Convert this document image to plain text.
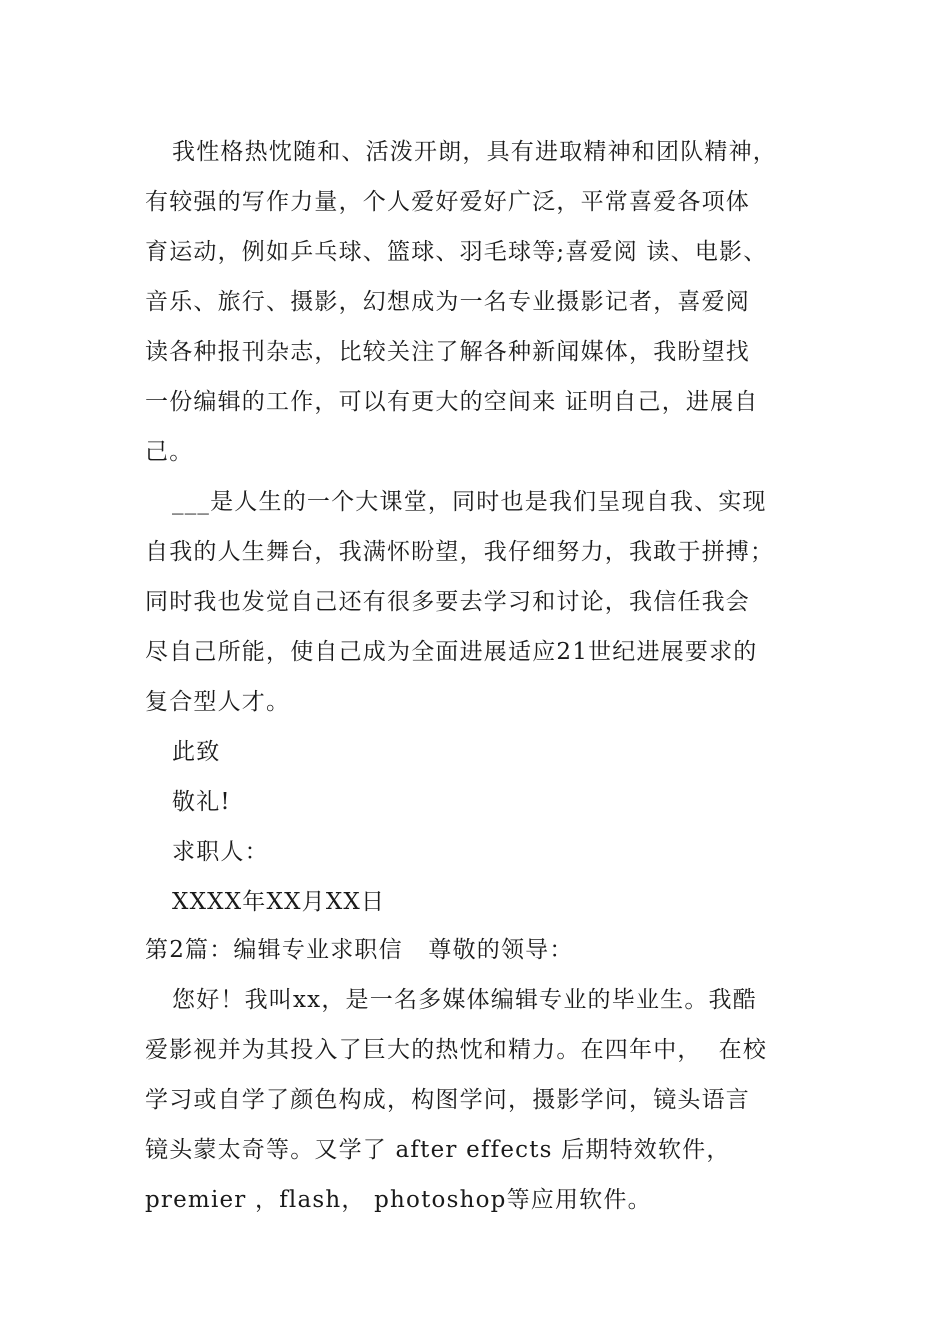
我性格热忱随和、活泼开朗，具有进取精神和团队精神，
有较强的写作力量，个人爱好爱好广泛，平常喜爱各项体
育运动，例如乒乓球、篮球、羽毛球等;喜爱阅 读、电影、
音乐、旅行、摄影，幻想成为一名专业摄影记者，喜爱阅
读各种报刊杂志，比较关注了解各种新闻媒体，我盼望找
一份编辑的工作，可以有更大的空间来 证明自己，进展自
己。
___是人生的一个大课堂，同时也是我们呈现自我、实现
自我的人生舞台，我满怀盼望，我仔细努力，我敢于拼搏；
同时我也发觉自己还有很多要去学习和讨论，我信任我会
尽自己所能，使自己成为全面进展适应21世纪进展要求的
复合型人才。
此致
敬礼!
求职人：
XXXX年XX月XX日
第2篇：编辑专业求职信   尊敬的领导：
您好！我叫xx，是一名多媒体编辑专业的毕业生。我酷
爱影视并为其投入了巨大的热忱和精力。在四年中，  在校
学习或自学了颜色构成，构图学问，摄影学问，镜头语言
镜头蒙太奇等。又学了 after effects 后期特效软件，
premier ，flash， photoshop等应用软件。
